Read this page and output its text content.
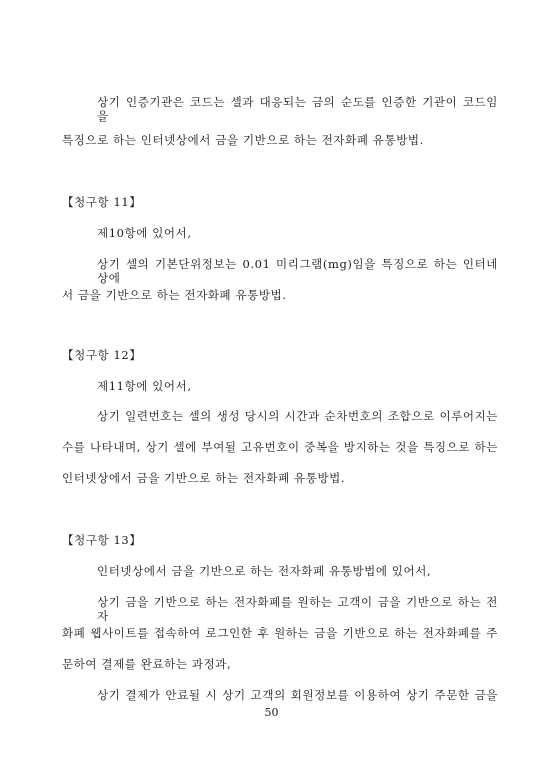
상기 인증기관은 코드는 셀과 대응되는 금의 순도를 인증한 기관이 코드임을
특징으로 하는 인터넷상에서 금을 기반으로 하는 전자화폐 유통방법.
【청구항 11】
제10항에 있어서,
상기 셀의 기본단위정보는 0.01 미리그램(mg)임을 특징으로 하는 인터네상에
서 금을 기반으로 하는 전자화폐 유통방법.
【청구항 12】
제11항에 있어서,
상기 일련번호는 셀의 생성 당시의 시간과 순차번호의 조합으로 이루어지는
수를 나타내며, 상기 셀에 부여될 고유번호이 중복을 방지하는 것을 특징으로 하는
인터넷상에서 금을 기반으로 하는 전자화폐 유통방법.
【청구항 13】
인터넷상에서 금을 기반으로 하는 전자화폐 유통방법에 있어서,
상기 금을 기반으로 하는 전자화폐를 원하는 고객이 금을 기반으로 하는 전자
화폐 웹사이트를 접속하여 로그인한 후 원하는 금을 기반으로 하는 전자화폐를 주
문하여 결제를 완료하는 과정과,
상기 결제가 안료될 시 상기 고객의 회원정보를 이용하여 상기 주문한 금을
50
